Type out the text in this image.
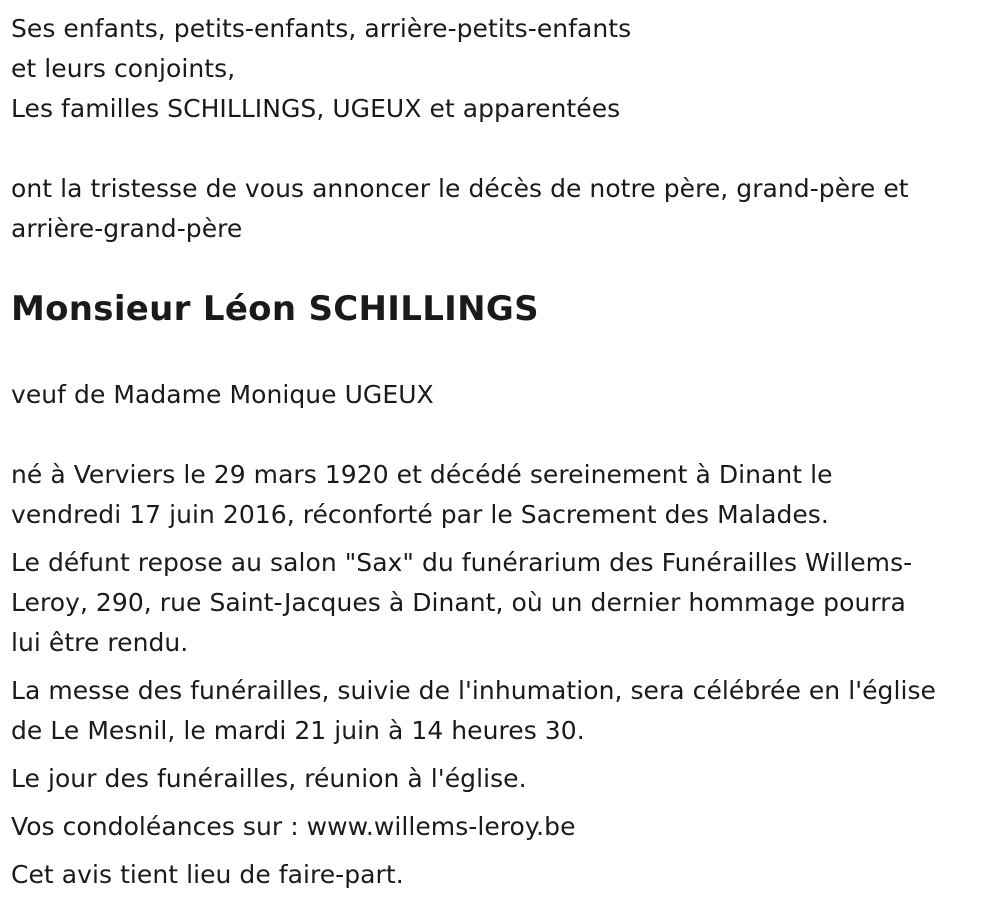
Ses enfants, petits-enfants, arrière-petits-enfants
et leurs conjoints,
Les familles SCHILLINGS, UGEUX et apparentées
ont la tristesse de vous annoncer le décès de notre père, grand-père et
arrière-grand-père
Monsieur Léon SCHILLINGS
veuf de Madame Monique UGEUX
né à Verviers le 29 mars 1920 et décédé sereinement à Dinant le
vendredi 17 juin 2016, réconforté par le Sacrement des Malades.
Le défunt repose au salon "Sax" du funérarium des Funérailles Willems-
Leroy, 290, rue Saint-Jacques à Dinant, où un dernier hommage pourra
lui être rendu.
La messe des funérailles, suivie de l'inhumation, sera célébrée en l'église
de Le Mesnil, le mardi 21 juin à 14 heures 30.
Le jour des funérailles, réunion à l'église.
Vos condoléances sur : www.willems-leroy.be
Cet avis tient lieu de faire-part.
